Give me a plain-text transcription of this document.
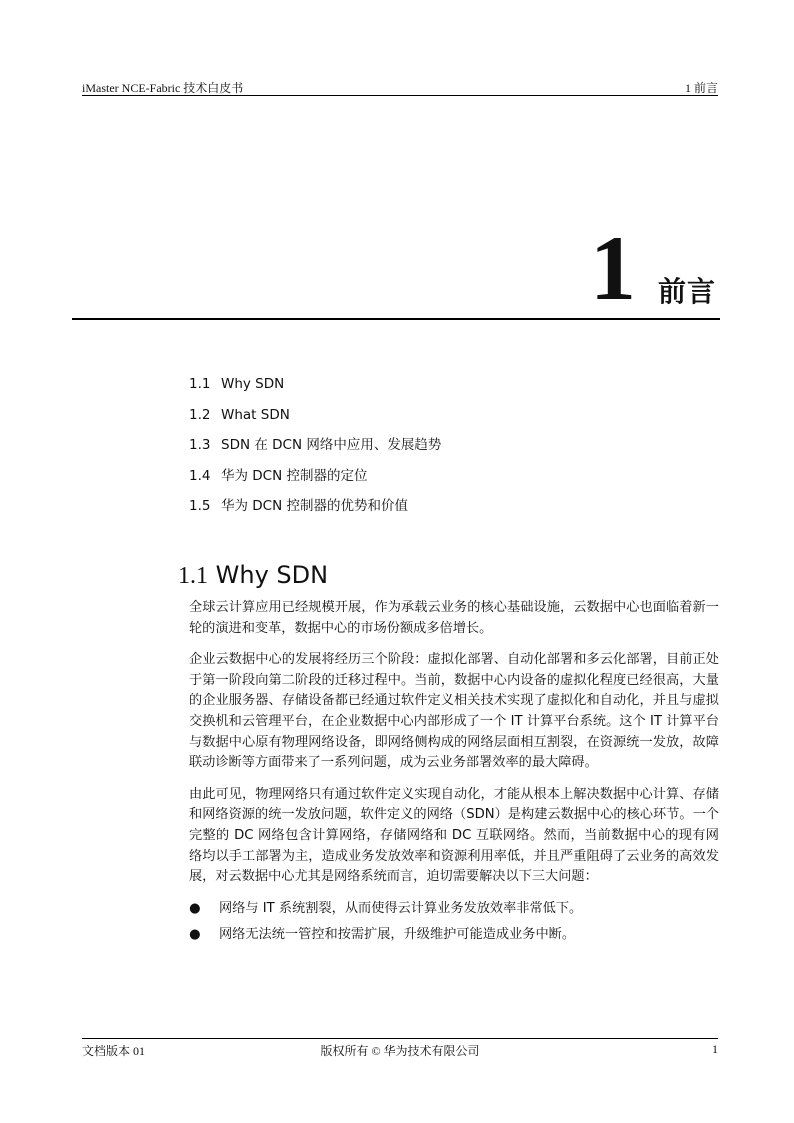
iMaster NCE-Fabric 技术白皮书	1 前言
1 前言
1.1 Why SDN
1.2 What SDN
1.3 SDN 在 DCN 网络中应用、发展趋势
1.4 华为 DCN 控制器的定位
1.5 华为 DCN 控制器的优势和价值
1.1 Why SDN

全球云计算应用已经规模开展，作为承载云业务的核心基础设施，云数据中心也面临着新一轮的演进和变革，数据中心的市场份额成多倍增长。

企业云数据中心的发展将经历三个阶段：虚拟化部署、自动化部署和多云化部署，目前正处于第一阶段向第二阶段的迁移过程中。当前，数据中心内设备的虚拟化程度已经很高，大量的企业服务器、存储设备都已经通过软件定义相关技术实现了虚拟化和自动化，并且与虚拟交换机和云管理平台，在企业数据中心内部形成了一个 IT 计算平台系统。这个 IT 计算平台与数据中心原有物理网络设备，即网络侧构成的网络层面相互割裂，在资源统一发放，故障联动诊断等方面带来了一系列问题，成为云业务部署效率的最大障碍。

由此可见，物理网络只有通过软件定义实现自动化，才能从根本上解决数据中心计算、存储和网络资源的统一发放问题，软件定义的网络（SDN）是构建云数据中心的核心环节。一个完整的 DC 网络包含计算网络，存储网络和 DC 互联网络。然而，当前数据中心的现有网络均以手工部署为主，造成业务发放效率和资源利用率低，并且严重阻碍了云业务的高效发展，对云数据中心尤其是网络系统而言，迫切需要解决以下三大问题：

● 网络与 IT 系统割裂，从而使得云计算业务发放效率非常低下。
● 网络无法统一管控和按需扩展，升级维护可能造成业务中断。
文档版本 01	版权所有 © 华为技术有限公司	1
